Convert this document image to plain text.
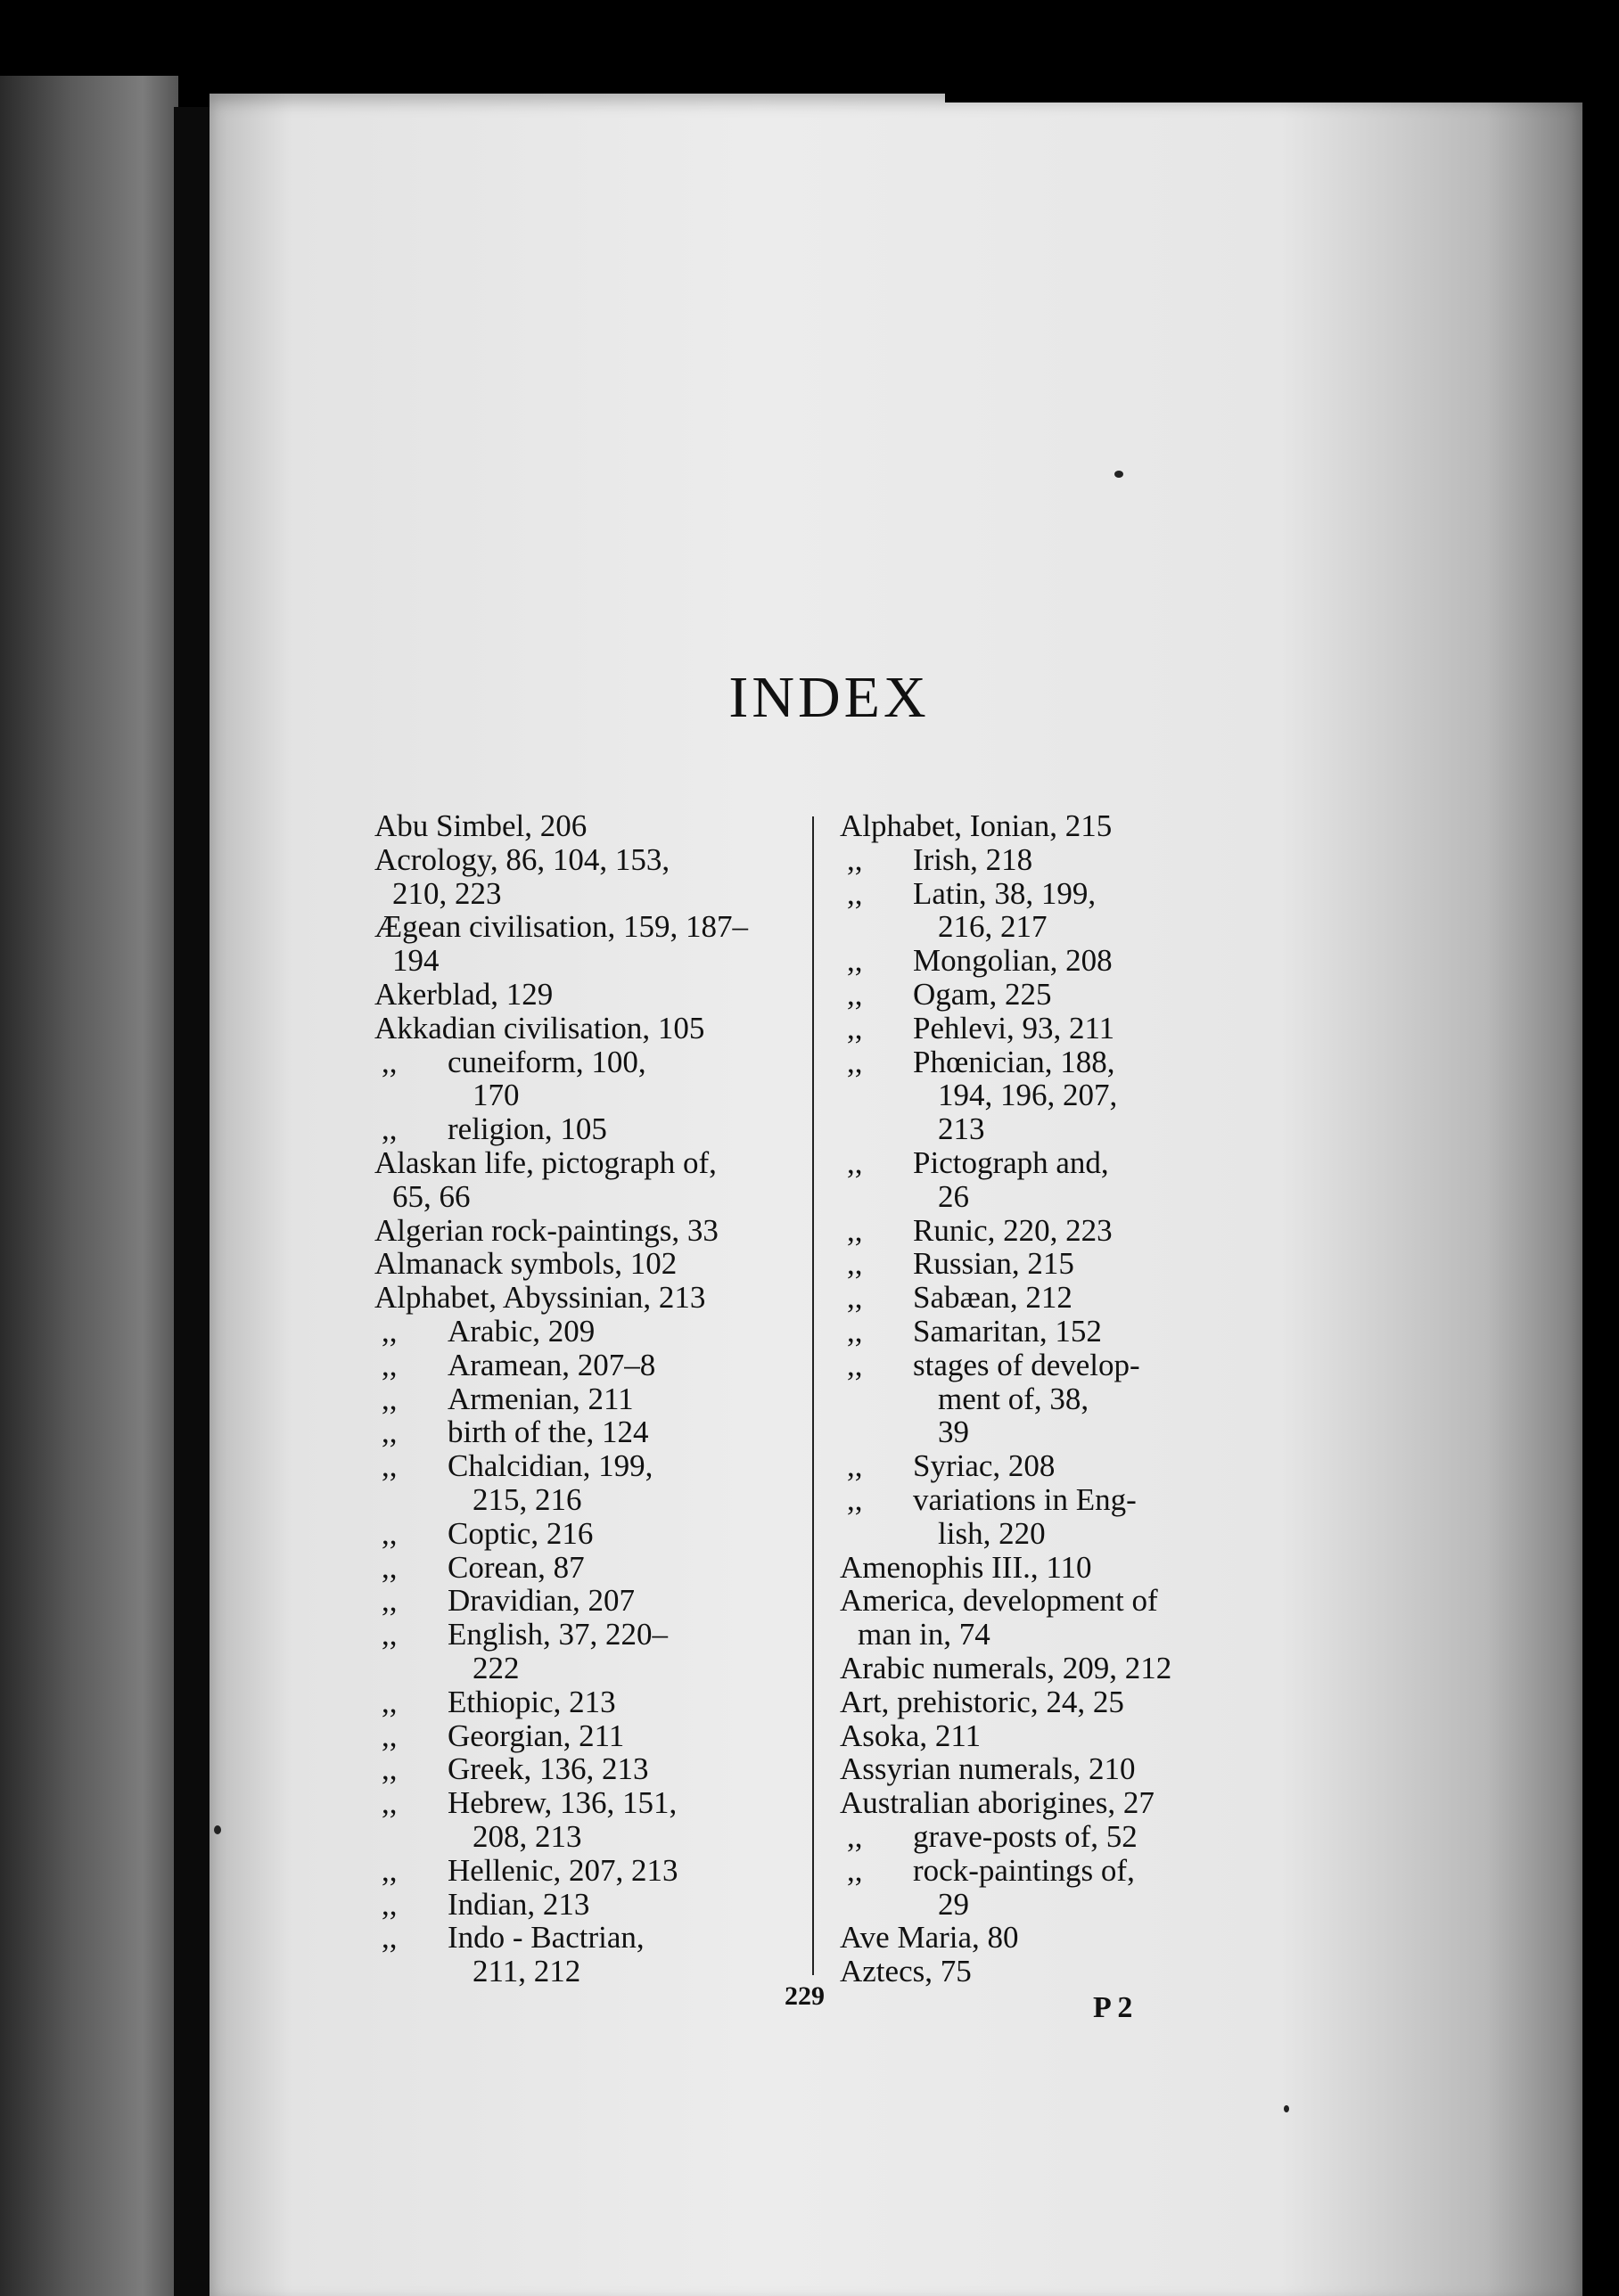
INDEX
Abu Simbel, 206
Acrology, 86, 104, 153,
210, 223
Ægean civilisation, 159, 187–
194
Akerblad, 129
Akkadian civilisation, 105
,, cuneiform, 100,
170
,, religion, 105
Alaskan life, pictograph of,
65, 66
Algerian rock-paintings, 33
Almanack symbols, 102
Alphabet, Abyssinian, 213
,, Arabic, 209
,, Aramean, 207–8
,, Armenian, 211
,, birth of the, 124
,, Chalcidian, 199,
215, 216
,, Coptic, 216
,, Corean, 87
,, Dravidian, 207
,, English, 37, 220–
222
,, Ethiopic, 213
,, Georgian, 211
,, Greek, 136, 213
,, Hebrew, 136, 151,
208, 213
,, Hellenic, 207, 213
,, Indian, 213
,, Indo - Bactrian,
211, 212
Alphabet, Ionian, 215
,, Irish, 218
,, Latin, 38, 199,
216, 217
,, Mongolian, 208
,, Ogam, 225
,, Pehlevi, 93, 211
,, Phœnician, 188,
194, 196, 207,
213
,, Pictograph and,
26
,, Runic, 220, 223
,, Russian, 215
,, Sabæan, 212
,, Samaritan, 152
,, stages of develop-
ment of, 38,
39
,, Syriac, 208
,, variations in Eng-
lish, 220
Amenophis III., 110
America, development of
man in, 74
Arabic numerals, 209, 212
Art, prehistoric, 24, 25
Asoka, 211
Assyrian numerals, 210
Australian aborigines, 27
,, grave-posts of, 52
,, rock-paintings of,
29
Ave Maria, 80
Aztecs, 75
229	P 2
